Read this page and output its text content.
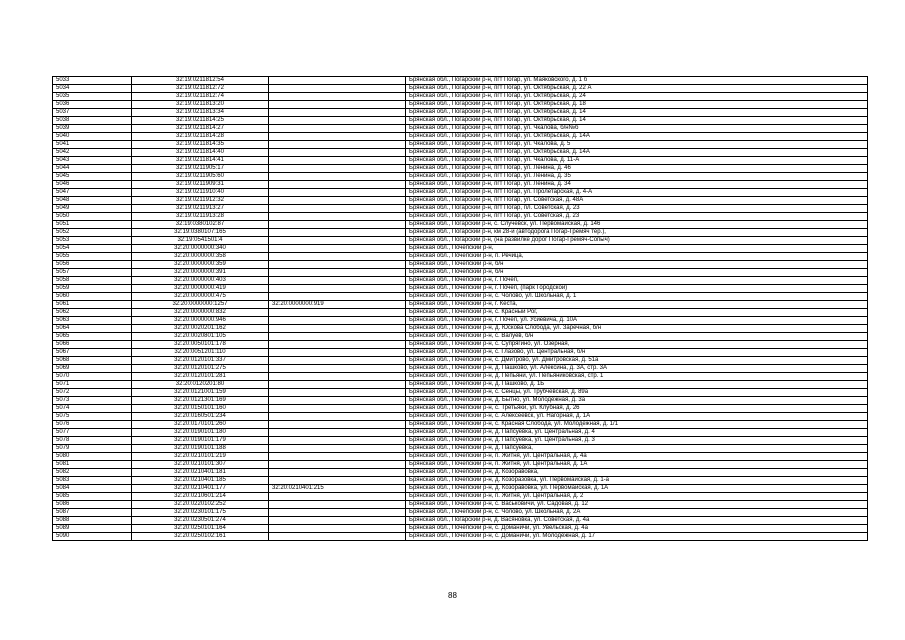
5033	32:19:0211812:54		Брянская обл., Погарский р-н, пгт Погар, ул. Маяковского, д. 1 б
5034	32:19:0211812:72		Брянская обл., Погарский р-н, пгт Погар, ул. Октябрьская, д. 22 А
5035	32:19:0211812:74		Брянская обл., Погарский р-н, пгт Погар, ул. Октябрьская, д. 24
5036	32:19:0211813:20		Брянская обл., Погарский р-н, пгт Погар, ул. Октябрьская, д. 18
5037	32:19:0211813:34		Брянская обл., Погарский р-н, пгт Погар, ул. Октябрьская, д. 14
5038	32:19:0211814:25		Брянская обл., Погарский р-н, пгт Погар, ул. Октябрьская, д. 14
5039	32:19:0211814:27		Брянская обл., Погарский р-н, пгт Погар, ул. Чкалова, б/н№б
5040	32:19:0211814:28		Брянская обл., Погарский р-н, пгт Погар, ул. Октябрьская, д. 14А
5041	32:19:0211814:35		Брянская обл., Погарский р-н, пгт Погар, ул. Чкалова, д. 5
5042	32:19:0211814:40		Брянская обл., Погарский р-н, пгт Погар, ул. Октябрьская, д. 14А
5043	32:19:0211814:41		Брянская обл., Погарский р-н, пгт Погар, ул. Чкалова, д. 11-А
5044	32:19:0211905:17		Брянская обл., Погарский р-н, пгт Погар, ул. Ленина, д. 46
5045	32:19:0211905:60		Брянская обл., Погарский р-н, пгт Погар, ул. Ленина, д. 35
5046	32:19:0211909:31		Брянская обл., Погарский р-н, пгт Погар, ул. Ленина, д. 34
5047	32:19:0211910:40		Брянская обл., Погарский р-н, пгт Погар, ул. Пролетарская, д. 4-А
5048	32:19:0211912:32		Брянская обл., Погарский р-н, пгт Погар, ул. Советская, д. 48А
5049	32:19:0211913:27		Брянская обл., Погарский р-н, пгт Погар, пл. Советская, д. 23
5050	32:19:0211913:28		Брянская обл., Погарский р-н, пгт Погар, ул. Советская, д. 23
5051	32:19:0380102:87		Брянская обл., Погарский р-н, с. Случевск, ул. Первомайская, д. 146
5052	32:19:0380107:165		Брянская обл., Погарский р-н, км 28-й (автодорога Погар-Гремяч тер.),
5053	32:19:0541501:4		Брянская обл., Погарский р-н, (на развилке дорог Погар-Гремяч-Сопыч)
5054	32:20:0000000:340		Брянская обл., Почепский р-н,
5055	32:20:0000000:358		Брянская обл., Почепский р-н, п. Речица,
5056	32:20:0000000:359		Брянская обл., Почепский р-н, б/н
5057	32:20:0000000:391		Брянская обл., Почепский р-н, б/н
5058	32:20:0000000:403		Брянская обл., Почепский р-н, г. Почеп,
5059	32:20:0000000:419		Брянская обл., Почепский р-н, г. Почеп, (парк Городской)
5060	32:20:0000000:475		Брянская обл., Почепский р-н, с. Чолово, ул. Школьная, д. 1
5061	32:20:0000000:1257	32:20:0000000:919	Брянская обл., Почепский р-н, г. Кеста,
5062	32:20:0000000:832		Брянская обл., Почепский р-н, с. Красный Рог,
5063	32:20:0000000:946		Брянская обл., Почепский р-н, г. Почеп, ул. Усиевича, д. 10А
5064	32:20:0020201:162		Брянская обл., Почепский р-н, д. Юскова Слобода, ул. Заречная, б/н
5065	32:20:0020801:105		Брянская обл., Почепский р-н, с. Валуев, б/н
5066	32:20:0050101:178		Брянская обл., Почепский р-н, с. Супрягино, ул. Озерная,
5067	32:20:0051201:110		Брянская обл., Почепский р-н, с. Глазово, ул. Центральная, б/н
5068	32:20:0120101:337		Брянская обл., Почепский р-н, с. Дмитрово, ул. Дмитровская, д. 51а
5069	32:20:0120101:275		Брянская обл., Почепский р-н, д. Пашково, ул. Алексина, д. 3А, стр. 3А
5070	32:20:0120101:281		Брянская обл., Почепский р-н, д. Пепьяни, ул. Пепьяниковская, стр. 1
5071	32:20:0120201:80		Брянская обл., Почепский р-н, д. Пашково, д. 1Б
5072	32:20:0121001:159		Брянская обл., Почепский р-н, с. Сенцы, ул. Трубчевская, д. 89а
5073	32:20:0121301:169		Брянская обл., Почепский р-н, д. Бытно, ул. Молодежная, д. 3а
5074	32:20:0150101:160		Брянская обл., Почепский р-н, с. Третьяки, ул. Клубная, д. 26
5075	32:20:0160501:234		Брянская обл., Почепский р-н, с. Алексеевск, ул. Нагорная, д. 1А
5076	32:20:0170101:260		Брянская обл., Почепский р-н, с. Красная Слобода, ул. Молодежная, д. 1/1
5077	32:20:0190101:180		Брянская обл., Почепский р-н, д. Папсуевка, ул. Центральная, д. 4
5078	32:20:0190101:179		Брянская обл., Почепский р-н, д. Папсуевка, ул. Центральная, д. 3
5079	32:20:0190101:188		Брянская обл., Почепский р-н, д. Папсуевка,
5080	32:20:0210101:219		Брянская обл., Почепский р-н, п. Житня, ул. Центральная, д. 4а
5081	32:20:0210101:307		Брянская обл., Почепский р-н, п. Житня, ул. Центральная, д. 1А
5082	32:20:0210401:181		Брянская обл., Почепский р-н, д. Козоравовка,
5083	32:20:0210401:185		Брянская обл., Почепский р-н, д. Козоразовка, ул. Первомайская, д. 1-а
5084	32:20:0210401:177	32:20:0210401:215	Брянская обл., Почепский р-н, д. Козоравовка, ул. Первомайская, д. 1А
5085	32:20:0210601:214		Брянская обл., Почепский р-н, п. Житня, ул. Центральная, д. 2
5086	32:20:0220102:252		Брянская обл., Почепский р-н, с. Васьковичи, ул. Садовая, д. 12
5087	32:20:0230101:175		Брянская обл., Почепский р-н, с. Чолово, ул. Школьная, д. 2А
5088	32:20:0230501:274		Брянская обл., Погарский р-н, д. Васяновка, ул. Советская, д. 4а
5089	32:20:0250101:164		Брянская обл., Почепский р-н, с. Доманичи, ул. Увельская, д. 4а
5090	32:20:0250102:161		Брянская обл., Почепский р-н, с. Доманичи, ул. Молодежная, д. 17
88
